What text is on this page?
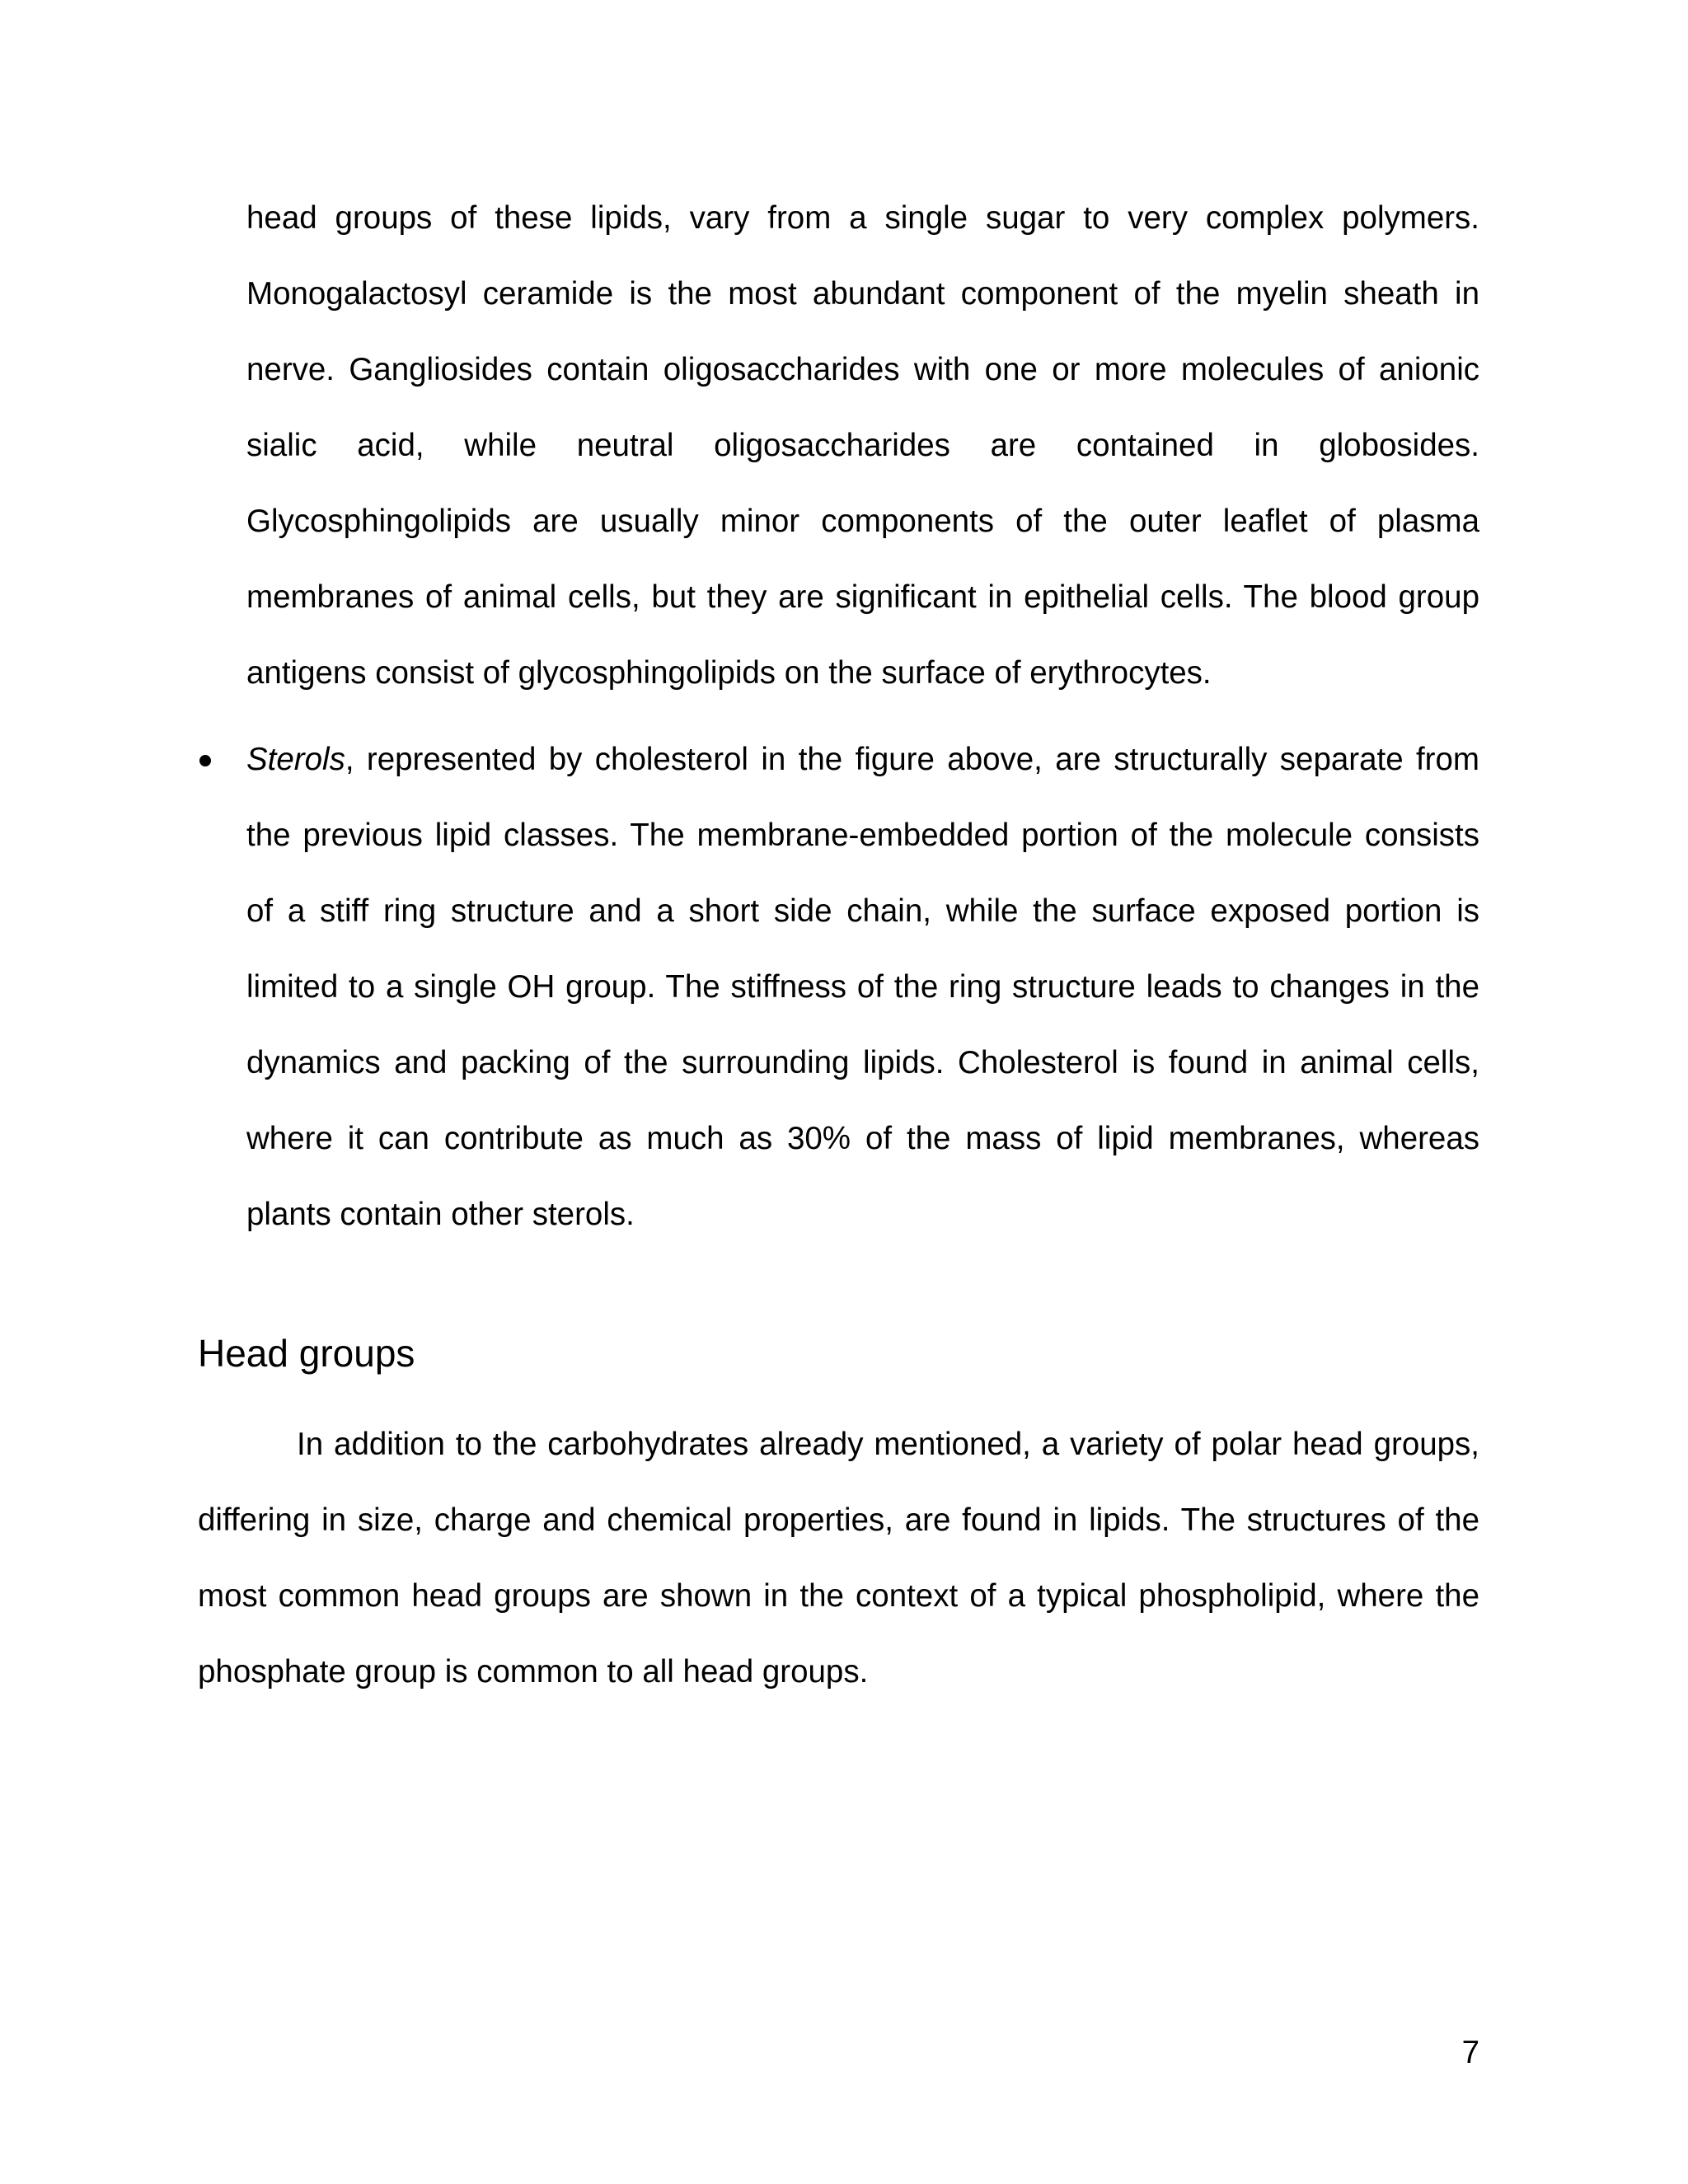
head groups of these lipids, vary from a single sugar to very complex polymers. Monogalactosyl ceramide is the most abundant component of the myelin sheath in nerve. Gangliosides contain oligosaccharides with one or more molecules of anionic sialic acid, while neutral oligosaccharides are contained in globosides. Glycosphingolipids are usually minor components of the outer leaflet of plasma membranes of animal cells, but they are significant in epithelial cells. The blood group antigens consist of glycosphingolipids on the surface of erythrocytes.

Sterols, represented by cholesterol in the figure above, are structurally separate from the previous lipid classes. The membrane-embedded portion of the molecule consists of a stiff ring structure and a short side chain, while the surface exposed portion is limited to a single OH group. The stiffness of the ring structure leads to changes in the dynamics and packing of the surrounding lipids. Cholesterol is found in animal cells, where it can contribute as much as 30% of the mass of lipid membranes, whereas plants contain other sterols.

Head groups

In addition to the carbohydrates already mentioned, a variety of polar head groups, differing in size, charge and chemical properties, are found in lipids. The structures of the most common head groups are shown in the context of a typical phospholipid, where the phosphate group is common to all head groups.

7
